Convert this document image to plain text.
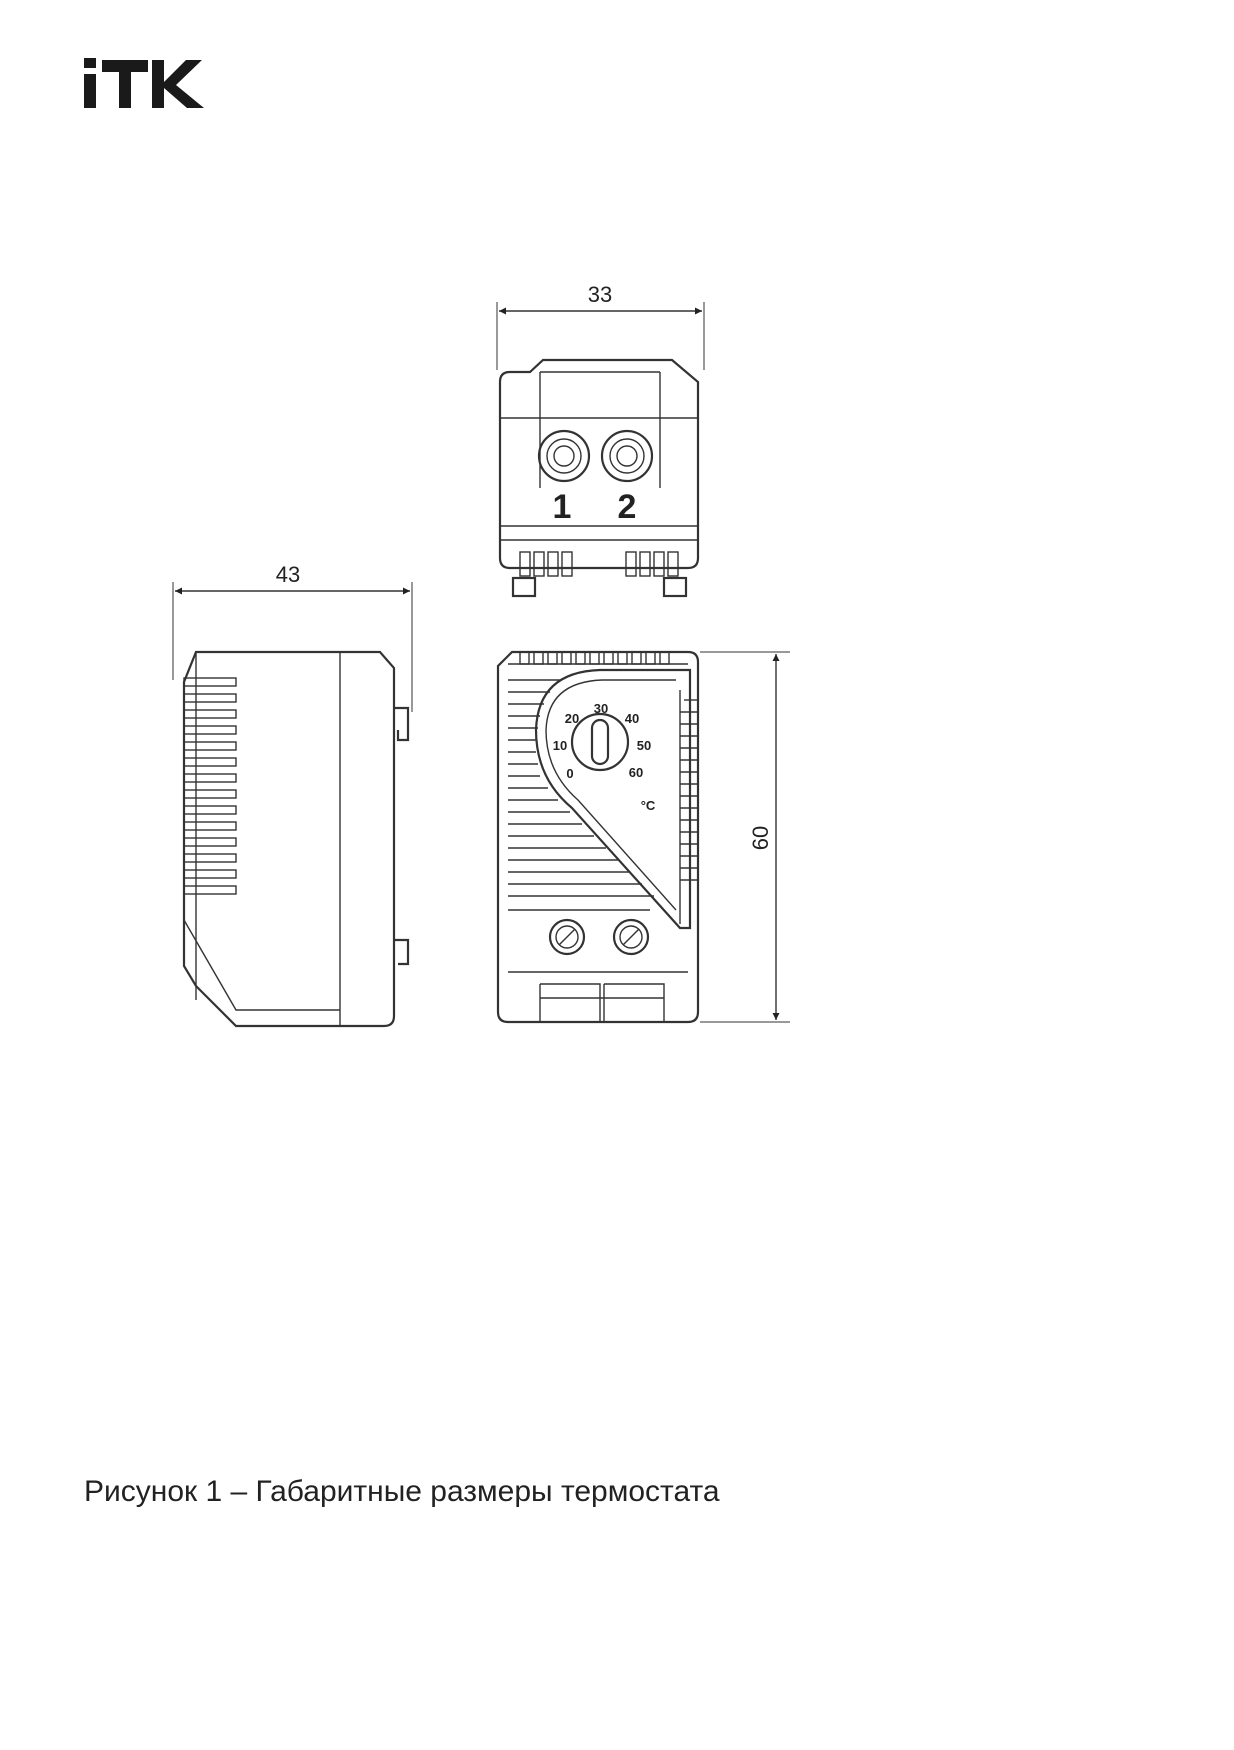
33
1 2
43
60
0
10
20
30
40
50
60
°C
Рисунок 1 – Габаритные размеры термостата
